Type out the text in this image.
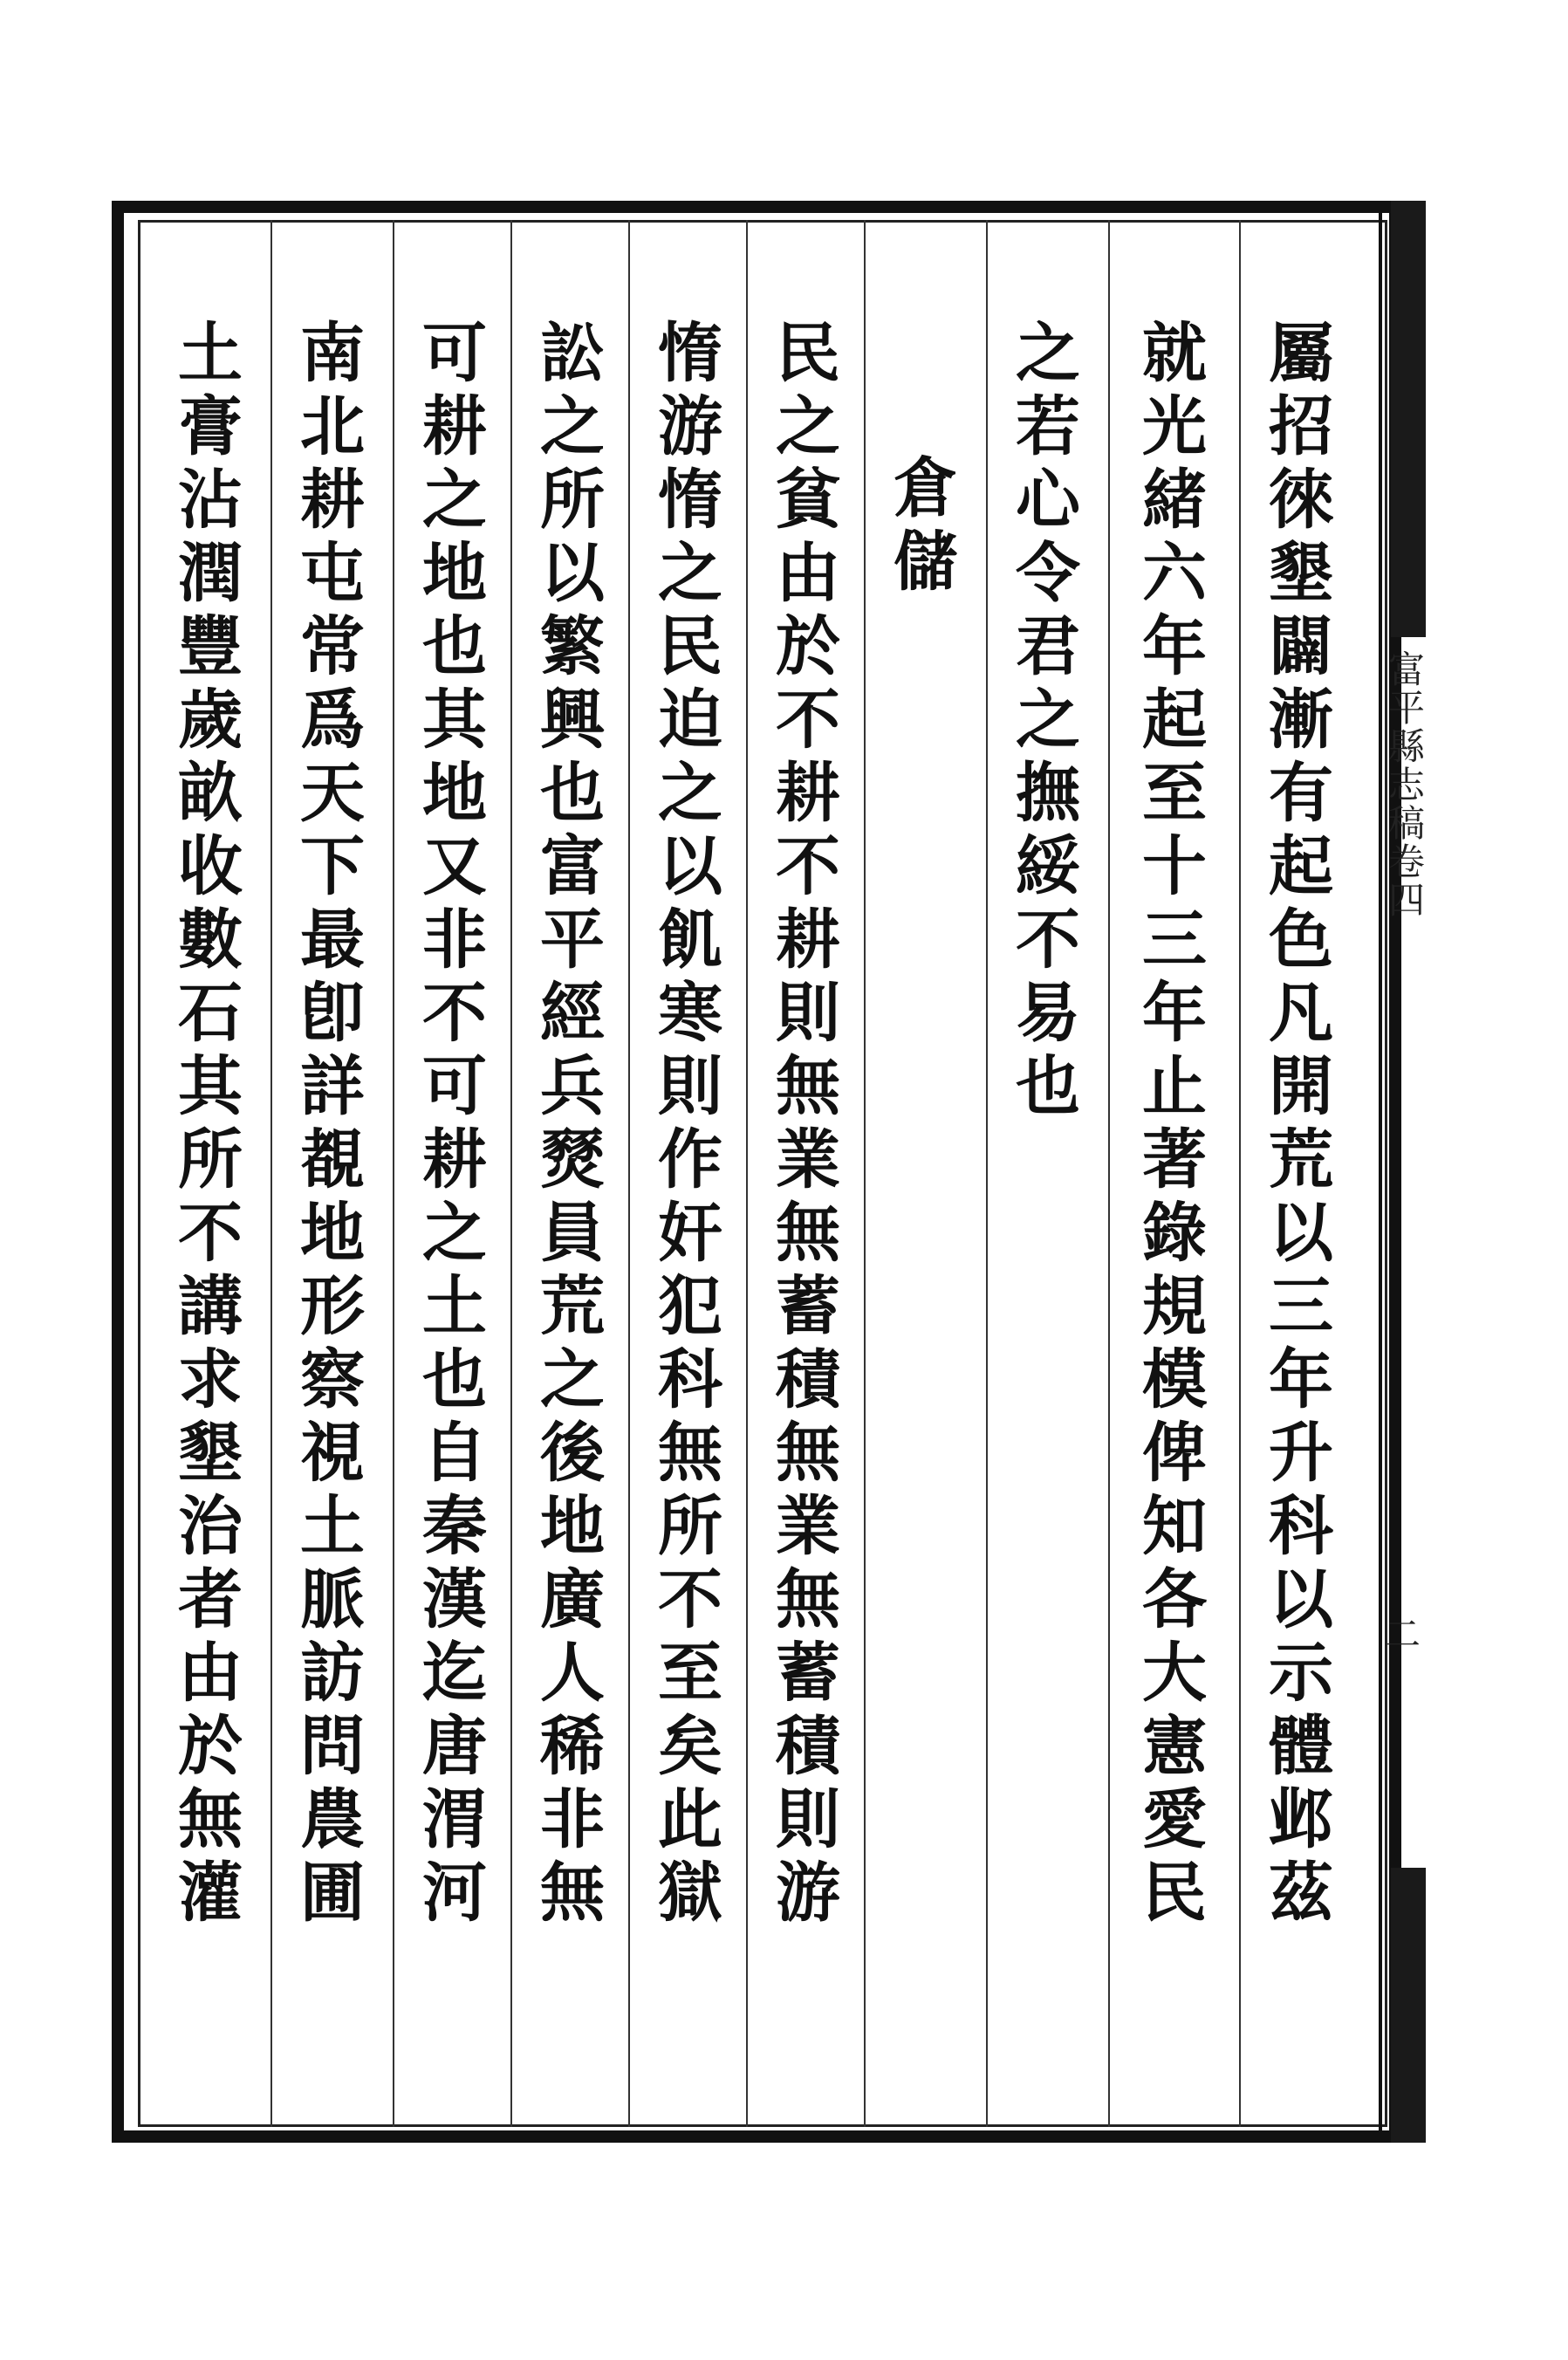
富平縣志稿卷四
二
屬招徠墾闢漸有起色凡開荒以三年升科以示體邺茲
就光緒六年起至十三年止著錄規模俾知各大憲愛民
之若心令君之撫綏不易也
倉儲
民之貧由於不耕不耕則無業無蓄積無業無蓄積則游
惰游惰之民迫之以飢寒則作奸犯科無所不至矣此獄
訟之所以繁興也富平經兵燹員荒之後地廣人稀非無
可耕之地也其地又非不可耕之土也自秦漢迄唐渭河
南北耕屯常爲天下最卽詳覩地形察視土脈訪問農圃
土膏沾潤豐歲畝收數石其所不講求墾治者由於無灌
